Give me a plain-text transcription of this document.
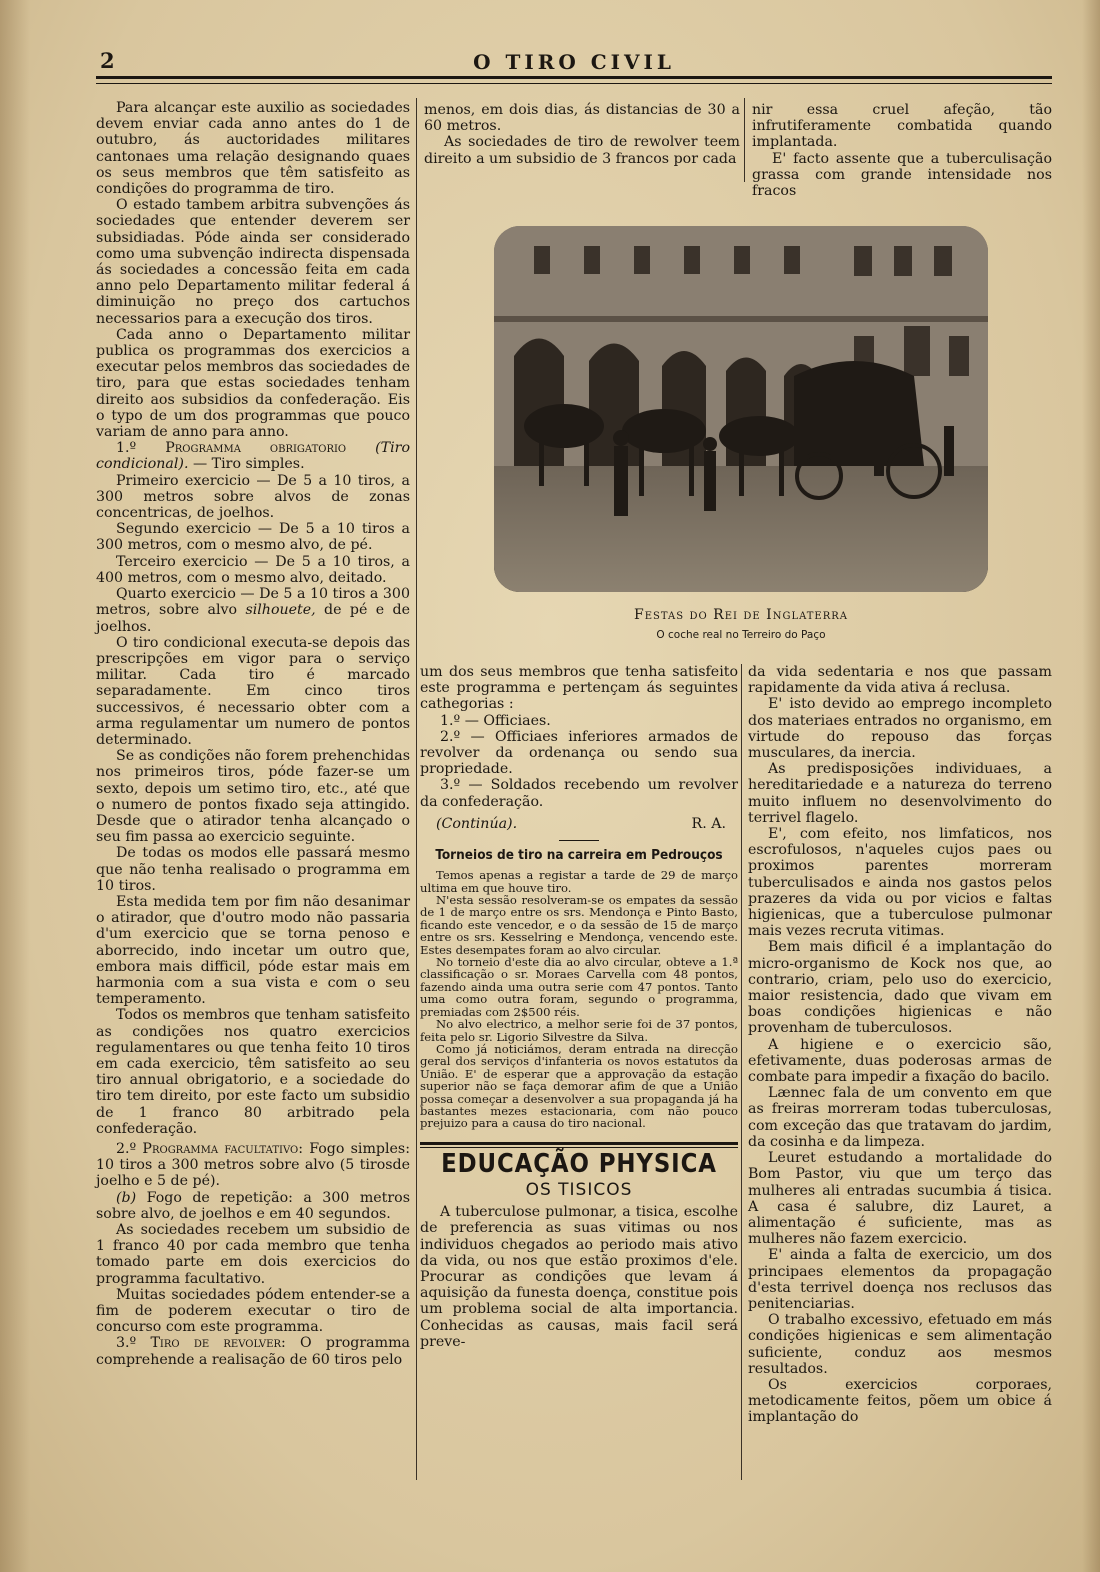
2	O TIRO CIVIL

Para alcançar este auxilio as sociedades devem enviar cada anno antes do 1 de outubro, ás auctoridades militares cantonaes uma relação designando quaes os seus membros que têm satisfeito as condições do programma de tiro.

O estado tambem arbitra subvenções ás sociedades que entender deverem ser subsidiadas. Póde ainda ser considerado como uma subvenção indirecta dispensada ás sociedades a concessão feita em cada anno pelo Departamento militar federal á diminuição no preço dos cartuchos necessarios para a execução dos tiros.

Cada anno o Departamento militar publica os programmas dos exercicios a executar pelos membros das sociedades de tiro, para que estas sociedades tenham direito aos subsidios da confederação. Eis o typo de um dos programmas que pouco variam de anno para anno.

1.º Programma obrigatorio (Tiro condicional). — Tiro simples.

Primeiro exercicio — De 5 a 10 tiros, a 300 metros sobre alvos de zonas concentricas, de joelhos.

Segundo exercicio — De 5 a 10 tiros a 300 metros, com o mesmo alvo, de pé.

Terceiro exercicio — De 5 a 10 tiros, a 400 metros, com o mesmo alvo, deitado.

Quarto exercicio — De 5 a 10 tiros a 300 metros, sobre alvo silhouete, de pé e de joelhos.

O tiro condicional executa-se depois das prescripções em vigor para o serviço militar. Cada tiro é marcado separadamente. Em cinco tiros successivos, é necessario obter com a arma regulamentar um numero de pontos determinado.

Se as condições não forem prehenchidas nos primeiros tiros, póde fazer-se um sexto, depois um setimo tiro, etc., até que o numero de pontos fixado seja attingido. Desde que o atirador tenha alcançado o seu fim passa ao exercicio seguinte.

De todas os modos elle passará mesmo que não tenha realisado o programma em 10 tiros.

Esta medida tem por fim não desanimar o atirador, que d'outro modo não passaria d'um exercicio que se torna penoso e aborrecido, indo incetar um outro que, embora mais difficil, póde estar mais em harmonia com a sua vista e com o seu temperamento.

Todos os membros que tenham satisfeito as condições nos quatro exercicios regulamentares ou que tenha feito 10 tiros em cada exercicio, têm satisfeito ao seu tiro annual obrigatorio, e a sociedade do tiro tem direito, por este facto um subsidio de 1 franco 80 arbitrado pela confederação.

2.º Programma facultativo: Fogo simples: 10 tiros a 300 metros sobre alvo (5 tirosde joelho e 5 de pé).

(b) Fogo de repetição: a 300 metros sobre alvo, de joelhos e em 40 segundos.

As sociedades recebem um subsidio de 1 franco 40 por cada membro que tenha tomado parte em dois exercicios do programma facultativo.

Muitas sociedades pódem entender-se a fim de poderem executar o tiro de concurso com este programma.

3.º Tiro de revolver: O programma comprehende a realisação de 60 tiros pelo

menos, em dois dias, ás distancias de 30 a 60 metros.

As sociedades de tiro de rewolver teem direito a um subsidio de 3 francos por cada

nir essa cruel afeção, tão infrutiferamente combatida quando implantada.

E' facto assente que a tuberculisação grassa com grande intensidade nos fracos

Festas do Rei de Inglaterra
O coche real no Terreiro do Paço

um dos seus membros que tenha satisfeito este programma e pertençam ás seguintes cathegorias :

1.º — Officiaes.

2.º — Officiaes inferiores armados de revolver da ordenança ou sendo sua propriedade.

3.º — Soldados recebendo um revolver da confederação.

(Continúa).	R. A.
Torneios de tiro na carreira em Pedrouços

Temos apenas a registar a tarde de 29 de março ultima em que houve tiro.

N'esta sessão resolveram-se os empates da sessão de 1 de março entre os srs. Mendonça e Pinto Basto, ficando este vencedor, e o da sessão de 15 de março entre os srs. Kesselring e Mendonça, vencendo este. Estes desempates foram ao alvo circular.

No torneio d'este dia ao alvo circular, obteve a 1.ª classificação o sr. Moraes Carvella com 48 pontos, fazendo ainda uma outra serie com 47 pontos. Tanto uma como outra foram, segundo o programma, premiadas com 2$500 réis.

No alvo electrico, a melhor serie foi de 37 pontos, feita pelo sr. Ligorio Silvestre da Silva.

Como já noticiámos, deram entrada na direcção geral dos serviços d'infanteria os novos estatutos da União. E' de esperar que a approvação da estação superior não se faça demorar afim de que a União possa começar a desenvolver a sua propaganda já ha bastantes mezes estacionaria, com não pouco prejuizo para a causa do tiro nacional.

EDUCAÇÃO PHYSICA
OS TISICOS

A tuberculose pulmonar, a tisica, escolhe de preferencia as suas vitimas ou nos individuos chegados ao periodo mais ativo da vida, ou nos que estão proximos d'ele. Procurar as condições que levam á aquisição da funesta doença, constitue pois um problema social de alta importancia. Conhecidas as causas, mais facil será preve-

da vida sedentaria e nos que passam rapidamente da vida ativa á reclusa.

E' isto devido ao emprego incompleto dos materiaes entrados no organismo, em virtude do repouso das forças musculares, da inercia.

As predisposições individuaes, a hereditariedade e a natureza do terreno muito influem no desenvolvimento do terrivel flagelo.

E', com efeito, nos limfaticos, nos escrofulosos, n'aqueles cujos paes ou proximos parentes morreram tuberculisados e ainda nos gastos pelos prazeres da vida ou por vicios e faltas higienicas, que a tuberculose pulmonar mais vezes recruta vitimas.

Bem mais dificil é a implantação do micro-organismo de Kock nos que, ao contrario, criam, pelo uso do exercicio, maior resistencia, dado que vivam em boas condições higienicas e não provenham de tuberculosos.

A higiene e o exercicio são, efetivamente, duas poderosas armas de combate para impedir a fixação do bacilo.

Lænnec fala de um convento em que as freiras morreram todas tuberculosas, com exceção das que tratavam do jardim, da cosinha e da limpeza.

Leuret estudando a mortalidade do Bom Pastor, viu que um terço das mulheres ali entradas sucumbia á tisica. A casa é salubre, diz Lauret, a alimentação é suficiente, mas as mulheres não fazem exercicio.

E' ainda a falta de exercicio, um dos principaes elementos da propagação d'esta terrivel doença nos reclusos das penitenciarias.

O trabalho excessivo, efetuado em más condições higienicas e sem alimentação suficiente, conduz aos mesmos resultados.

Os exercicios corporaes, metodicamente feitos, põem um obice á implantação do
